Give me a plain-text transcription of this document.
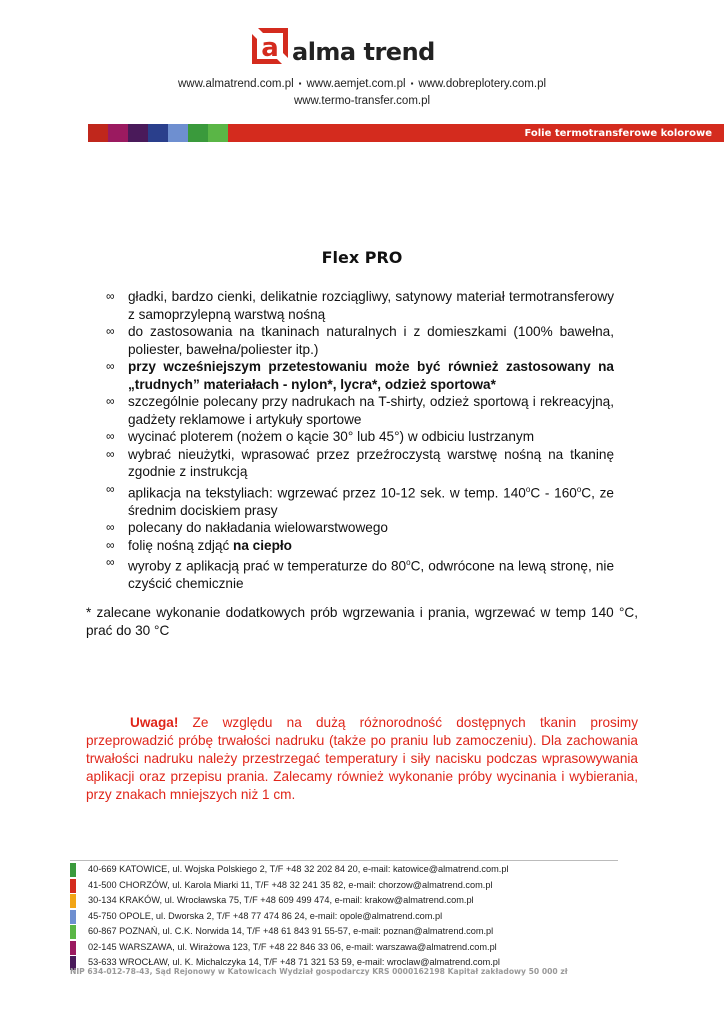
a alma trend
www.almatrend.com.pl ▪ www.aemjet.com.pl ▪ www.dobreplotery.com.pl
www.termo-transfer.com.pl
Folie termotransferowe kolorowe
Flex PRO
∞ gładki, bardzo cienki, delikatnie rozciągliwy, satynowy materiał termotransferowy z samoprzylepną warstwą nośną
∞ do zastosowania na tkaninach naturalnych i z domieszkami (100% bawełna, poliester, bawełna/poliester itp.)
∞ przy wcześniejszym przetestowaniu może być również zastosowany na „trudnych” materiałach - nylon*, lycra*, odzież sportowa*
∞ szczególnie polecany przy nadrukach na T-shirty, odzież sportową i rekreacyjną, gadżety reklamowe i artykuły sportowe
∞ wycinać ploterem (nożem o kącie 30° lub 45°) w odbiciu lustrzanym
∞ wybrać nieużytki, wprasować przez przeźroczystą warstwę nośną na tkaninę zgodnie z instrukcją
∞ aplikacja na tekstyliach: wgrzewać przez 10-12 sek. w temp. 140$^o$C - 160$^o$C, ze średnim dociskiem prasy
∞ polecany do nakładania wielowarstwowego
∞ folię nośną zdjąć na ciepło
∞ wyroby z aplikacją prać w temperaturze do 80$^o$C, odwrócone na lewą stronę, nie czyścić chemicznie
* zalecane wykonanie dodatkowych prób wgrzewania i prania, wgrzewać w temp 140 °C, prać do 30 °C
Uwaga! Ze względu na dużą różnorodność dostępnych tkanin prosimy przeprowadzić próbę trwałości nadruku (także po praniu lub zamoczeniu). Dla zachowania trwałości nadruku należy przestrzegać temperatury i siły nacisku podczas wprasowywania aplikacji oraz przepisu prania. Zalecamy również wykonanie próby wycinania i wybierania, przy znakach mniejszych niż 1 cm.
40-669 KATOWICE, ul. Wojska Polskiego 2, T/F +48 32 202 84 20, e-mail: katowice@almatrend.com.pl
41-500 CHORZÓW, ul. Karola Miarki 11, T/F +48 32 241 35 82, e-mail: chorzow@almatrend.com.pl
30-134 KRAKÓW, ul. Wrocławska 75, T/F +48 609 499 474, e-mail: krakow@almatrend.com.pl
45-750 OPOLE, ul. Dworska 2, T/F +48 77 474 86 24, e-mail: opole@almatrend.com.pl
60-867 POZNAŃ, ul. C.K. Norwida 14, T/F +48 61 843 91 55-57, e-mail: poznan@almatrend.com.pl
02-145 WARSZAWA, ul. Wirażowa 123, T/F +48 22 846 33 06, e-mail: warszawa@almatrend.com.pl
53-633 WROCŁAW, ul. K. Michalczyka 14, T/F +48 71 321 53 59, e-mail: wroclaw@almatrend.com.pl
NIP 634-012-78-43, Sąd Rejonowy w Katowicach Wydział gospodarczy KRS 0000162198 Kapitał zakładowy 50 000 zł
